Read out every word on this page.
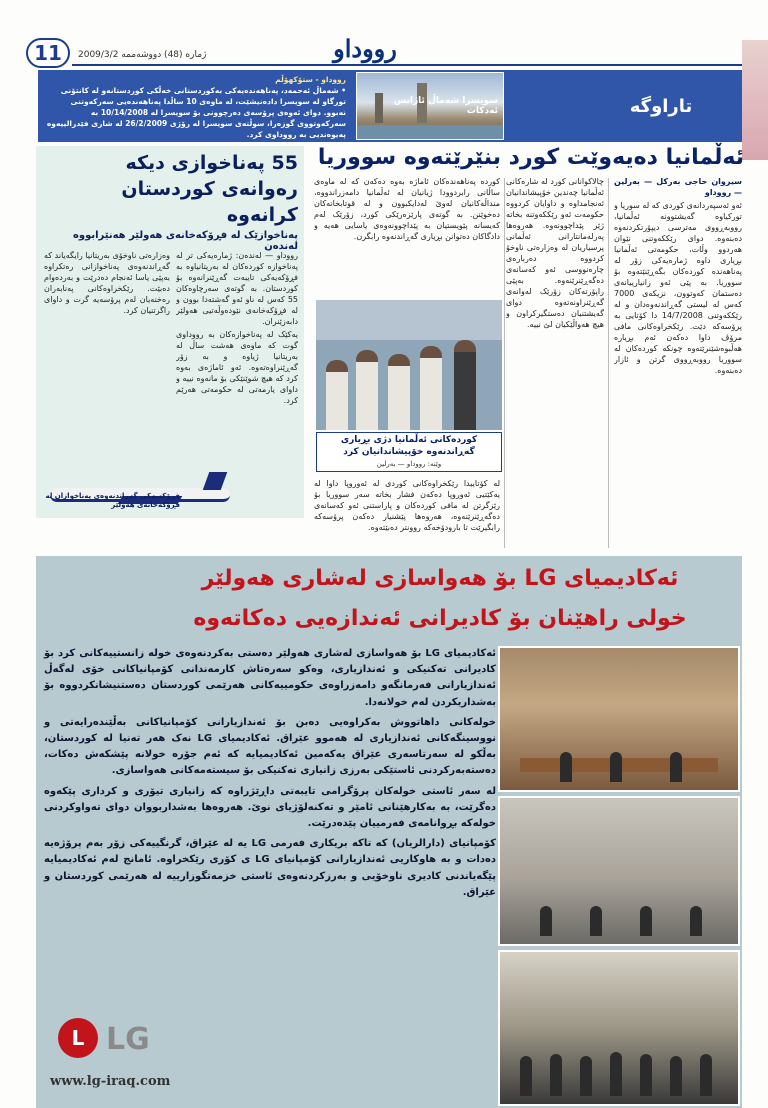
11	ژمارە (48) دووشەممە 2009/3/2	رووداو
رووداو - ستۆکهۆڵم
• شەماڵ ئەحمەد، پەناهەندەیەکی بەکوردستانی خەڵکی کوردستانەو لە کانتۆنی تورگاو لە سویسرا دادەنیشێت، لە ماوەی 10 ساڵدا پەناهەندەیی سەرکەوتنی نەبوو. دوای ئەوەی پرۆسەی دەرچوونی بۆ سویسرا لە 10/14/2008 بە سەرکەوتووی گوزەرا، سوڵتەی سویسرا لە رۆژی 26/2/2009 لە شاری فێدرالییەوە پەیوەندیی بە رووداوی کرد.
سویسرا شەماڵ ئاژانس ئەدکات	تاراوگە
ئەڵمانیا دەیەوێت کورد بنێرێتەوە سووریا

سیروان حاجی بەرکل — بەرلین — رووداو

ئەو ئەسپەردانەی کوردی کە لە سوریا و تورکیاوە گەیشتوونە ئەڵمانیا، رووبەڕووی مەترسی دیپۆرتکردنەوە دەبنەوە. دوای رێککەوتنی نێوان هەردوو وڵات، حکومەتی ئەڵمانیا بڕیاری داوە ژمارەیەکی زۆر لە پەناهەندە کوردەکان بگەڕێنێتەوە بۆ سووریا. بە پێی ئەو زانیارییانەی دەستمان کەوتوون، نزیکەی 7000 کەس لە لیستی گەڕاندنەوەدان و لە رێککەوتنی 14/7/2008 دا کۆتایی بە پرۆسەکە دێت. رێکخراوەکانی مافی مرۆڤ داوا دەکەن ئەم بڕیارە هەڵبوەشێنرێتەوە چونکە کوردەکان لە سووریا رووبەڕووی گرتن و ئازار دەبنەوە.

چالاکوانانی کورد لە شارەکانی ئەڵمانیا چەندین خۆپیشاندانیان ئەنجامداوە و داوایان کردووە حکومەت ئەو رێککەوتنە بخاتە ژێر پێداچوونەوە. هەروەها پەرلەمانتارانی ئەڵمانی پرسیاریان لە وەزارەتی ناوخۆ کردووە دەربارەی چارەنووسی ئەو کەسانەی دەگەڕێنرێنەوە. بەپێی راپۆرتەکان زۆرێک لەوانەی گەڕێنراونەتەوە دوای گەیشتنیان دەستگیرکراون و هیچ هەواڵێکیان لێ نییە.

کوردە پەناهەندەکان ئاماژە بەوە دەکەن کە لە ماوەی ساڵانی رابردوودا ژیانیان لە ئەڵمانیا دامەزراندووە، منداڵەکانیان لەوێ لەدایکبوون و لە قوتابخانەکان دەخوێنن. بە گوتەی پارێزەرێکی کورد، زۆرێک لەم کەیسانە پێویستیان بە پێداچوونەوەی یاسایی هەیە و دادگاکان دەتوانن بڕیاری گەڕاندنەوە رابگرن.

کوردەکانی ئەڵمانیا دژی بڕیاری گەڕاندنەوە خۆپیشاندانیان کرد
وێنە: رووداو — بەرلین

لە کۆتاییدا رێکخراوەکانی کوردی لە ئەوروپا داوا لە یەکێتیی ئەوروپا دەکەن فشار بخاتە سەر سووریا بۆ رێزگرتن لە مافی کوردەکان و پاراستنی ئەو کەسانەی دەگەڕێنرێنەوە، هەروەها پێشنیار دەکەن پرۆسەکە رابگیرێت تا بارودۆخەکە روونتر دەبێتەوە.

55 پەناخوازی دیکە رەوانەی کوردستان کرانەوە
پەناخوازێک لە فڕۆکەخانەی هەولێر هەنێرابووە لەندەن

رووداو — لەندەن: ژمارەیەکی تر لە پەناخوازە کوردەکان لە بەریتانیاوە بە فڕۆکەیەکی تایبەت گەڕێنرانەوە بۆ کوردستان. بە گوتەی سەرچاوەکان 55 کەس لە ناو ئەو گەشتەدا بوون و لە فڕۆکەخانەی نێودەوڵەتیی هەولێر دابەزێنران.

یەکێک لە پەناخوازەکان بە رووداوی گوت کە ماوەی هەشت ساڵ لە بەریتانیا ژیاوە و بە زۆر گەڕێنراوەتەوە. ئەو ئاماژەی بەوە کرد کە هیچ شوێنێکی بۆ مانەوە نییە و داوای یارمەتی لە حکومەتی هەرێم کرد.

وەزارەتی ناوخۆی بەریتانیا رایگەیاند کە گەڕاندنەوەی پەناخوازانی رەتکراوە بەپێی یاسا ئەنجام دەدرێت و بەردەوام دەبێت. رێکخراوەکانی پەنابەران رەخنەیان لەم پرۆسەیە گرت و داوای راگرتنیان کرد.

فڕۆکەیەکی گەڕاندنەوەی پەناخوازان لە فڕۆکەخانەی هەولێر
ئەکادیمیای LG بۆ هەواسازی لەشاری هەولێر
خولی راهێنان بۆ کادیرانی ئەندازەیی دەکاتەوە

ئەکادیمیای LG بۆ هەواسازی لەشاری هەولێر دەستی بەکردنەوەی خولە زانستییەکانی کرد بۆ کادیرانی تەکنیکی و ئەندازیاری، وەکو سەرەتاش کارمەندانی کۆمپانیاکانی خۆی لەگەڵ ئەندازیارانی فەرمانگەو دامەزراوەی حکومییەکانی هەرێمی کوردستان دەستنیشانکردووە بۆ بەشداریکردن لەم خولانەدا.

خولەکانی داهاتووش بەکراوەیی دەبن بۆ ئەندازیارانی کۆمپانیاکانی بەڵێندەرایەتی و نووسینگەکانی ئەندازیاری لە هەموو عێراق. ئەکادیمیای LG نەک هەر تەنیا لە کوردستان، بەڵکو لە سەرتاسەری عێراق یەکەمین ئەکادیمیایە کە ئەم جۆرە خولانە پێشکەش دەکات، دەستەبەرکردنی ئاستێکی بەرزی زانیاری تەکنیکی بۆ سیستەمەکانی هەواسازی.

لە سەر ئاستی خولەکان پرۆگرامی تایبەتی داڕێژراوە کە زانیاری تیۆری و کرداری پێکەوە دەگرێت، بە بەکارهێنانی ئامێر و تەکنەلۆژیای نوێ. هەروەها بەشداربووان دوای تەواوکردنی خولەکە بڕوانامەی فەرمییان پێدەدرێت.

کۆمپانیای (دارالریان) کە تاکە بریکاری فەرمی LG یە لە عێراق، گرنگییەکی زۆر بەم پرۆژەیە دەدات و بە هاوکاریی ئەندازیارانی کۆمپانیای LG ی کۆری رێکخراوە. ئامانج لەم ئەکادیمیایە پێگەیاندنی کادیری ناوخۆیی و بەرزکردنەوەی ئاستی خزمەتگوزارییە لە هەرێمی کوردستان و عێراق.

L LG
www.lg-iraq.com
